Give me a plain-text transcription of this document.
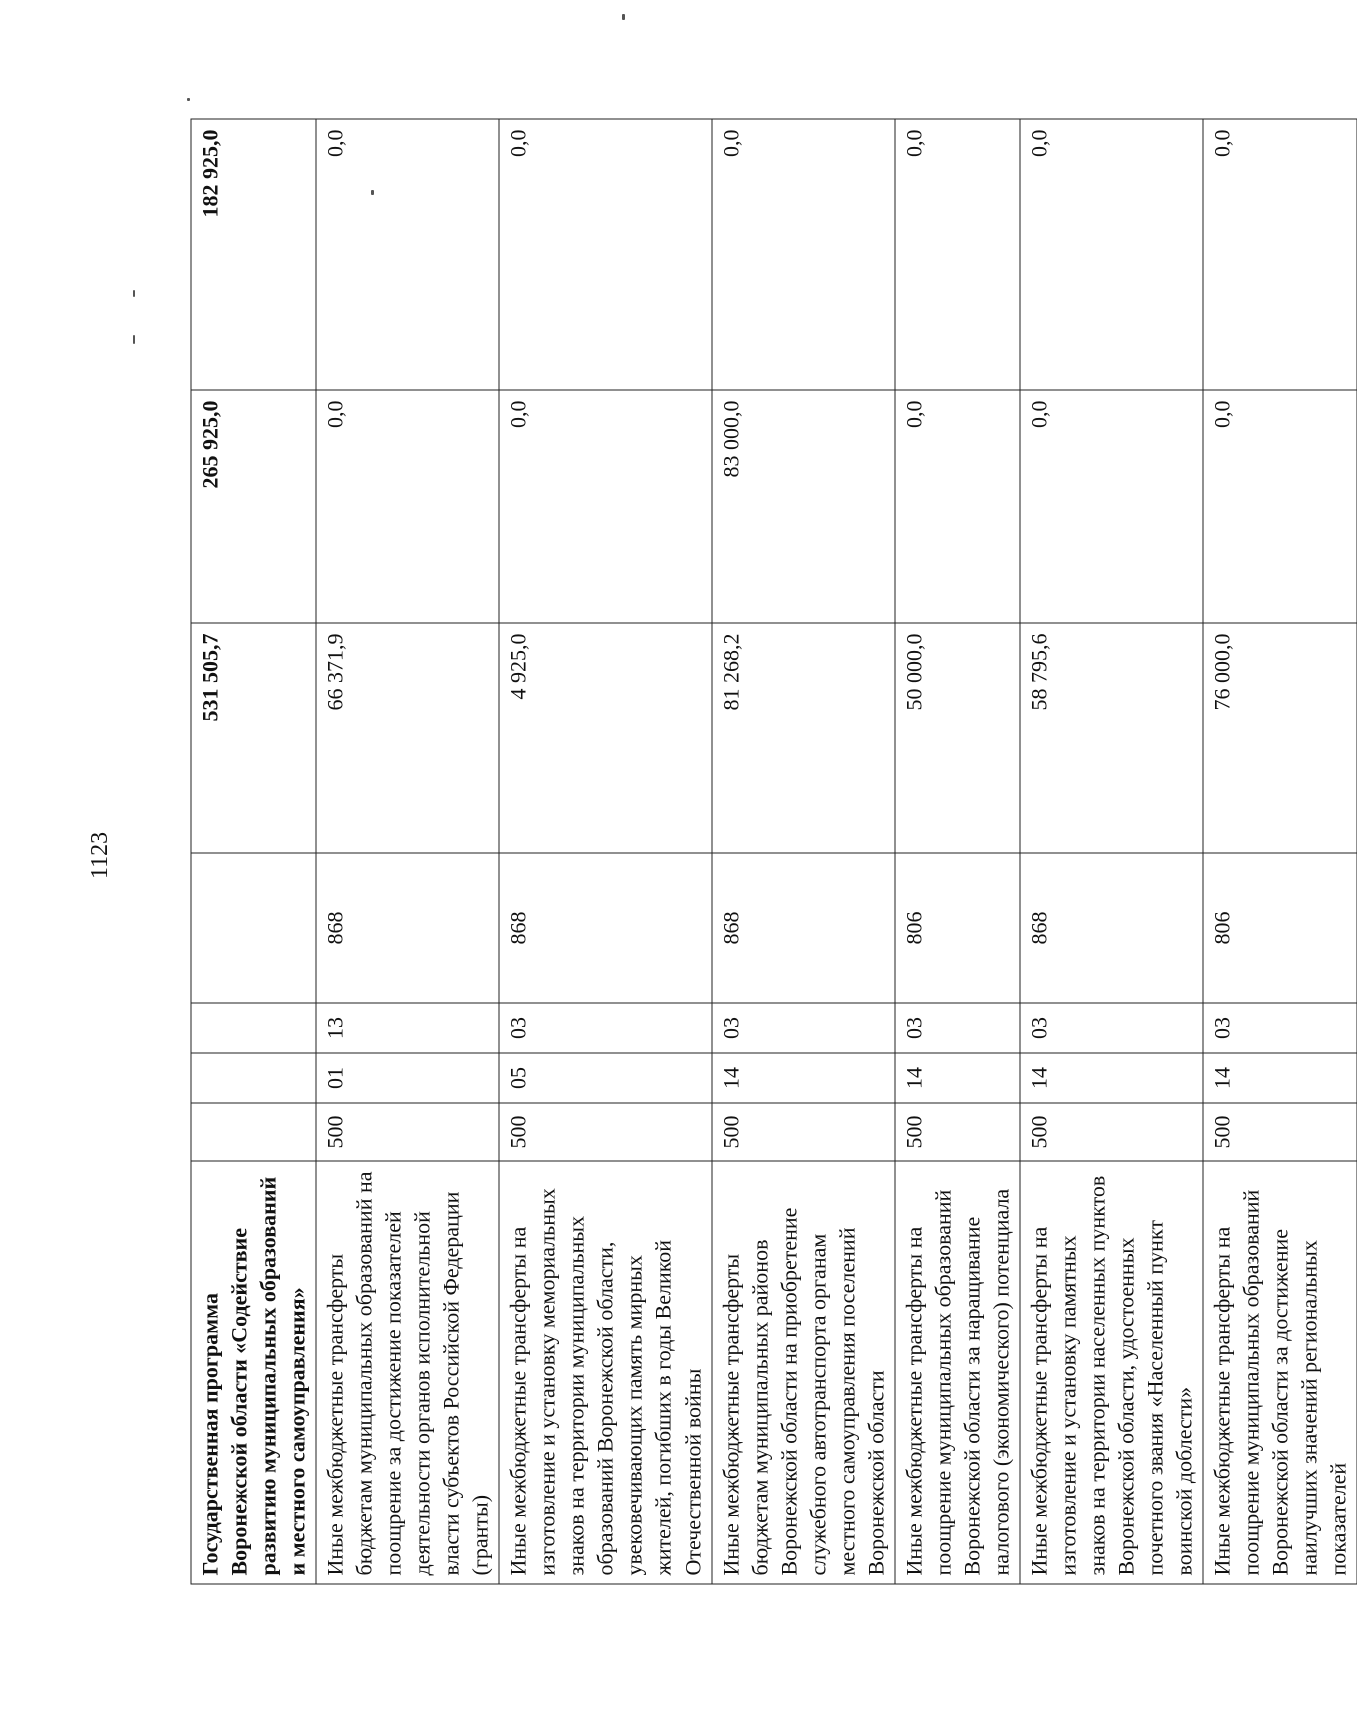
1123
Государственная программа Воронежской области «Содействие развитию муниципальных образований и местного самоуправления»					531 505,7	265 925,0	182 925,0
Иные межбюджетные трансферты бюджетам муниципальных образований на поощрение за достижение показателей деятельности органов исполнительной власти субъектов Российской Федерации (гранты)	500	01	13	868	66 371,9	0,0	0,0
Иные межбюджетные трансферты на изготовление и установку мемориальных знаков на территории муниципальных образований Воронежской области, увековечивающих память мирных жителей, погибших в годы Великой Отечественной войны	500	05	03	868	4 925,0	0,0	0,0
Иные межбюджетные трансферты бюджетам муниципальных районов Воронежской области на приобретение служебного автотранспорта органам местного самоуправления поселений Воронежской области	500	14	03	868	81 268,2	83 000,0	0,0
Иные межбюджетные трансферты на поощрение муниципальных образований Воронежской области за наращивание налогового (экономического) потенциала	500	14	03	806	50 000,0	0,0	0,0
Иные межбюджетные трансферты на изготовление и установку памятных знаков на территории населенных пунктов Воронежской области, удостоенных почетного звания «Населенный пункт воинской доблести»	500	14	03	868	58 795,6	0,0	0,0
Иные межбюджетные трансферты на поощрение муниципальных образований Воронежской области за достижение наилучших значений региональных показателей	500	14	03	806	76 000,0	0,0	0,0
